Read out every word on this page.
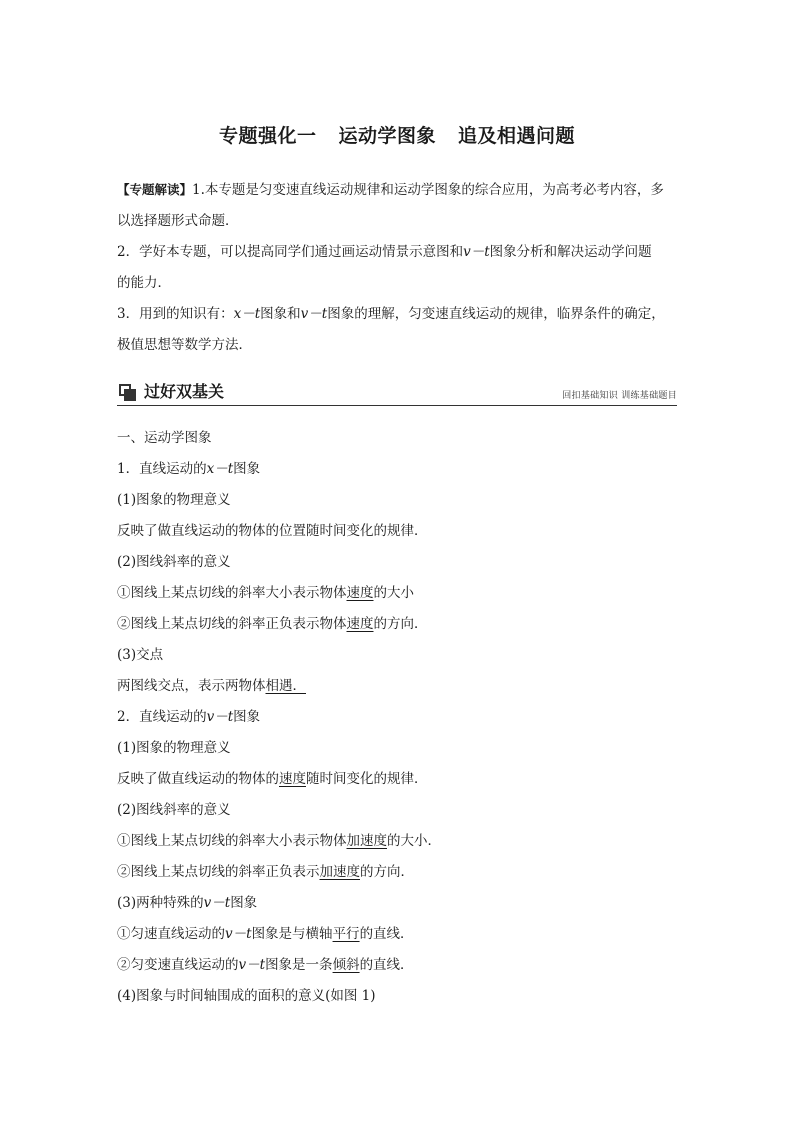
专题强化一 运动学图象 追及相遇问题

【专题解读】1.本专题是匀变速直线运动规律和运动学图象的综合应用，为高考必考内容，多

以选择题形式命题．

2．学好本专题，可以提高同学们通过画运动情景示意图和v－t图象分析和解决运动学问题

的能力．

3．用到的知识有：x－t图象和v－t图象的理解，匀变速直线运动的规律，临界条件的确定，

极值思想等数学方法．

过好双基关	回扣基础知识 训练基础题目

一、运动学图象

1．直线运动的x－t图象

(1)图象的物理意义

反映了做直线运动的物体的位置随时间变化的规律．

(2)图线斜率的意义

①图线上某点切线的斜率大小表示物体速度的大小

②图线上某点切线的斜率正负表示物体速度的方向．

(3)交点

两图线交点，表示两物体相遇．

2．直线运动的v－t图象

(1)图象的物理意义

反映了做直线运动的物体的速度随时间变化的规律．

(2)图线斜率的意义

①图线上某点切线的斜率大小表示物体加速度的大小．

②图线上某点切线的斜率正负表示加速度的方向．

(3)两种特殊的v－t图象

①匀速直线运动的v－t图象是与横轴平行的直线．

②匀变速直线运动的v－t图象是一条倾斜的直线．

(4)图象与时间轴围成的面积的意义(如图 1)
